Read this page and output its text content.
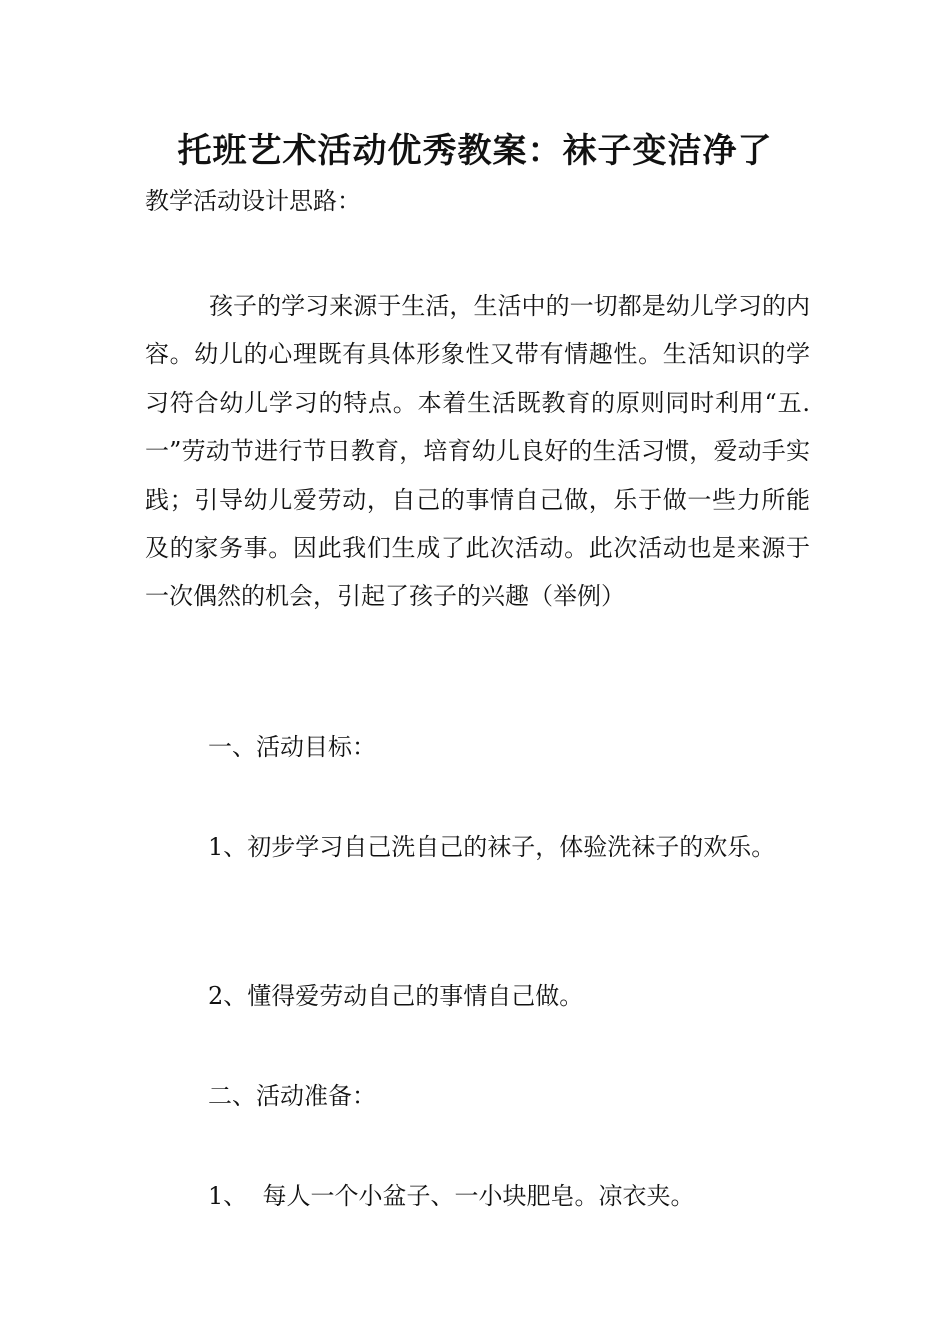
托班艺术活动优秀教案：袜子变洁净了
教学活动设计思路：
孩子的学习来源于生活，生活中的一切都是幼儿学习的内容。幼儿的心理既有具体形象性又带有情趣性。生活知识的学习符合幼儿学习的特点。本着生活既教育的原则同时利用“五.一”劳动节进行节日教育，培育幼儿良好的生活习惯，爱动手实践；引导幼儿爱劳动，自己的事情自己做，乐于做一些力所能及的家务事。因此我们生成了此次活动。此次活动也是来源于一次偶然的机会，引起了孩子的兴趣（举例）
一、活动目标：
1、初步学习自己洗自己的袜子，体验洗袜子的欢乐。
2、懂得爱劳动自己的事情自己做。
二、活动准备：
1、  每人一个小盆子、一小块肥皂。凉衣夹。
